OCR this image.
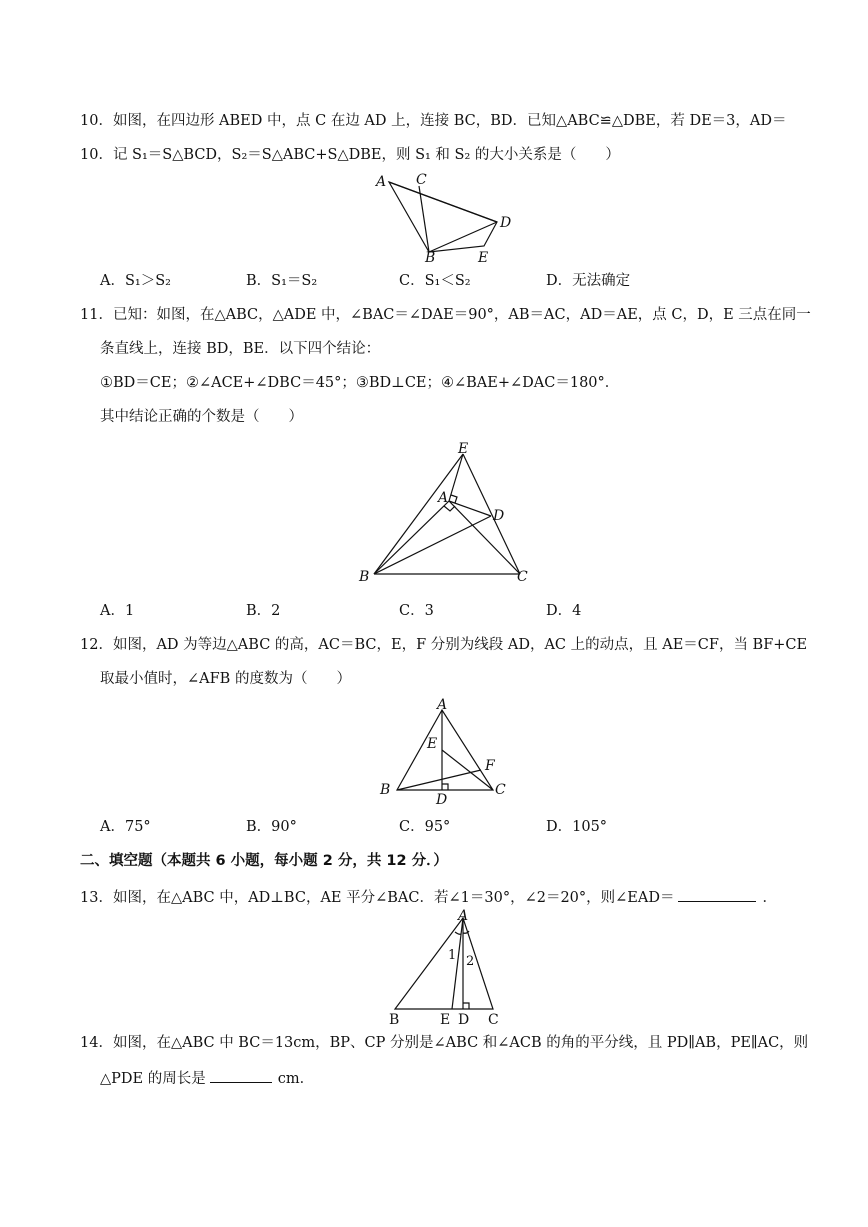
10．如图，在四边形 ABED 中，点 C 在边 AD 上，连接 BC，BD．已知△ABC≌△DBE，若 DE＝3，AD＝
10．记 S₁＝S△BCD，S₂＝S△ABC+S△DBE，则 S₁ 和 S₂ 的大小关系是（　　）
A C
D
B	E
A．S₁＞S₂	B．S₁＝S₂	C．S₁＜S₂	D．无法确定
11．已知：如图，在△ABC，△ADE 中，∠BAC＝∠DAE＝90°，AB＝AC，AD＝AE，点 C，D，E 三点在同一
条直线上，连接 BD，BE．以下四个结论：
①BD＝CE；②∠ACE+∠DBC＝45°；③BD⊥CE；④∠BAE+∠DAC＝180°．
其中结论正确的个数是（　　）
E
A
D
B	C
A．1	B．2	C．3	D．4
12．如图，AD 为等边△ABC 的高，AC＝BC，E，F 分别为线段 AD，AC 上的动点，且 AE＝CF，当 BF+CE
取最小值时，∠AFB 的度数为（　　）
A
E
F
B
D
C
A．75°	B．90°	C．95°	D．105°
二、填空题（本题共 6 小题，每小题 2 分，共 12 分．）
13．如图，在△ABC 中，AD⊥BC，AE 平分∠BAC．若∠1＝30°，∠2＝20°，则∠EAD＝	．
A
1 2
B	E D C
14．如图，在△ABC 中 BC＝13cm，BP、CP 分别是∠ABC 和∠ACB 的角的平分线，且 PD∥AB，PE∥AC，则
△PDE 的周长是	cm．
